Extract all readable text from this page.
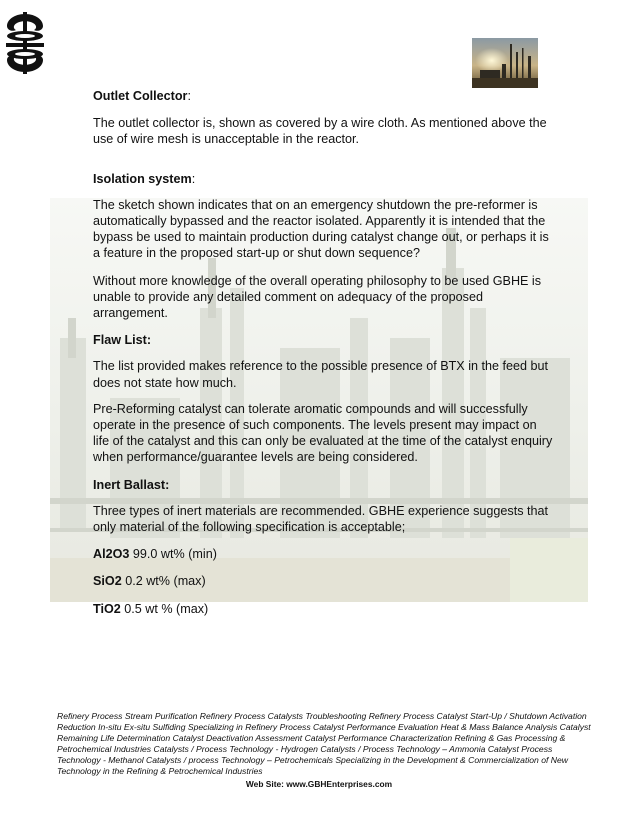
Outlet Collector:

The outlet collector is, shown as covered by a wire cloth. As mentioned above the use of wire mesh is unacceptable in the reactor.

Isolation system:

The sketch shown indicates that on an emergency shutdown the pre-reformer is automatically bypassed and the reactor isolated. Apparently it is intended that the bypass be used to maintain production during catalyst change out, or perhaps it is a feature in the proposed start-up or shut down sequence?

Without more knowledge of the overall operating philosophy to be used GBHE is unable to provide any detailed comment on adequacy of the proposed arrangement.

Flaw List:

The list provided makes reference to the possible presence of BTX in the feed but does not state how much.

Pre-Reforming catalyst can tolerate aromatic compounds and will successfully operate in the presence of such components. The levels present may impact on life of the catalyst and this can only be evaluated at the time of the catalyst enquiry when performance/guarantee levels are being considered.

Inert Ballast:

Three types of inert materials are recommended. GBHE experience suggests that only material of the following specification is acceptable;

Al2O3 99.0 wt% (min)

SiO2 0.2 wt% (max)

TiO2 0.5 wt % (max)

Refinery Process Stream Purification Refinery Process Catalysts Troubleshooting Refinery Process Catalyst Start-Up / Shutdown Activation Reduction In-situ Ex-situ Sulfiding Specializing in Refinery Process Catalyst Performance Evaluation Heat & Mass Balance Analysis Catalyst Remaining Life Determination Catalyst Deactivation Assessment Catalyst Performance Characterization Refining & Gas Processing & Petrochemical Industries Catalysts / Process Technology - Hydrogen Catalysts / Process Technology – Ammonia Catalyst Process Technology - Methanol Catalysts / process Technology – Petrochemicals Specializing in the Development & Commercialization of New Technology in the Refining & Petrochemical Industries
Web Site: www.GBHEnterprises.com
